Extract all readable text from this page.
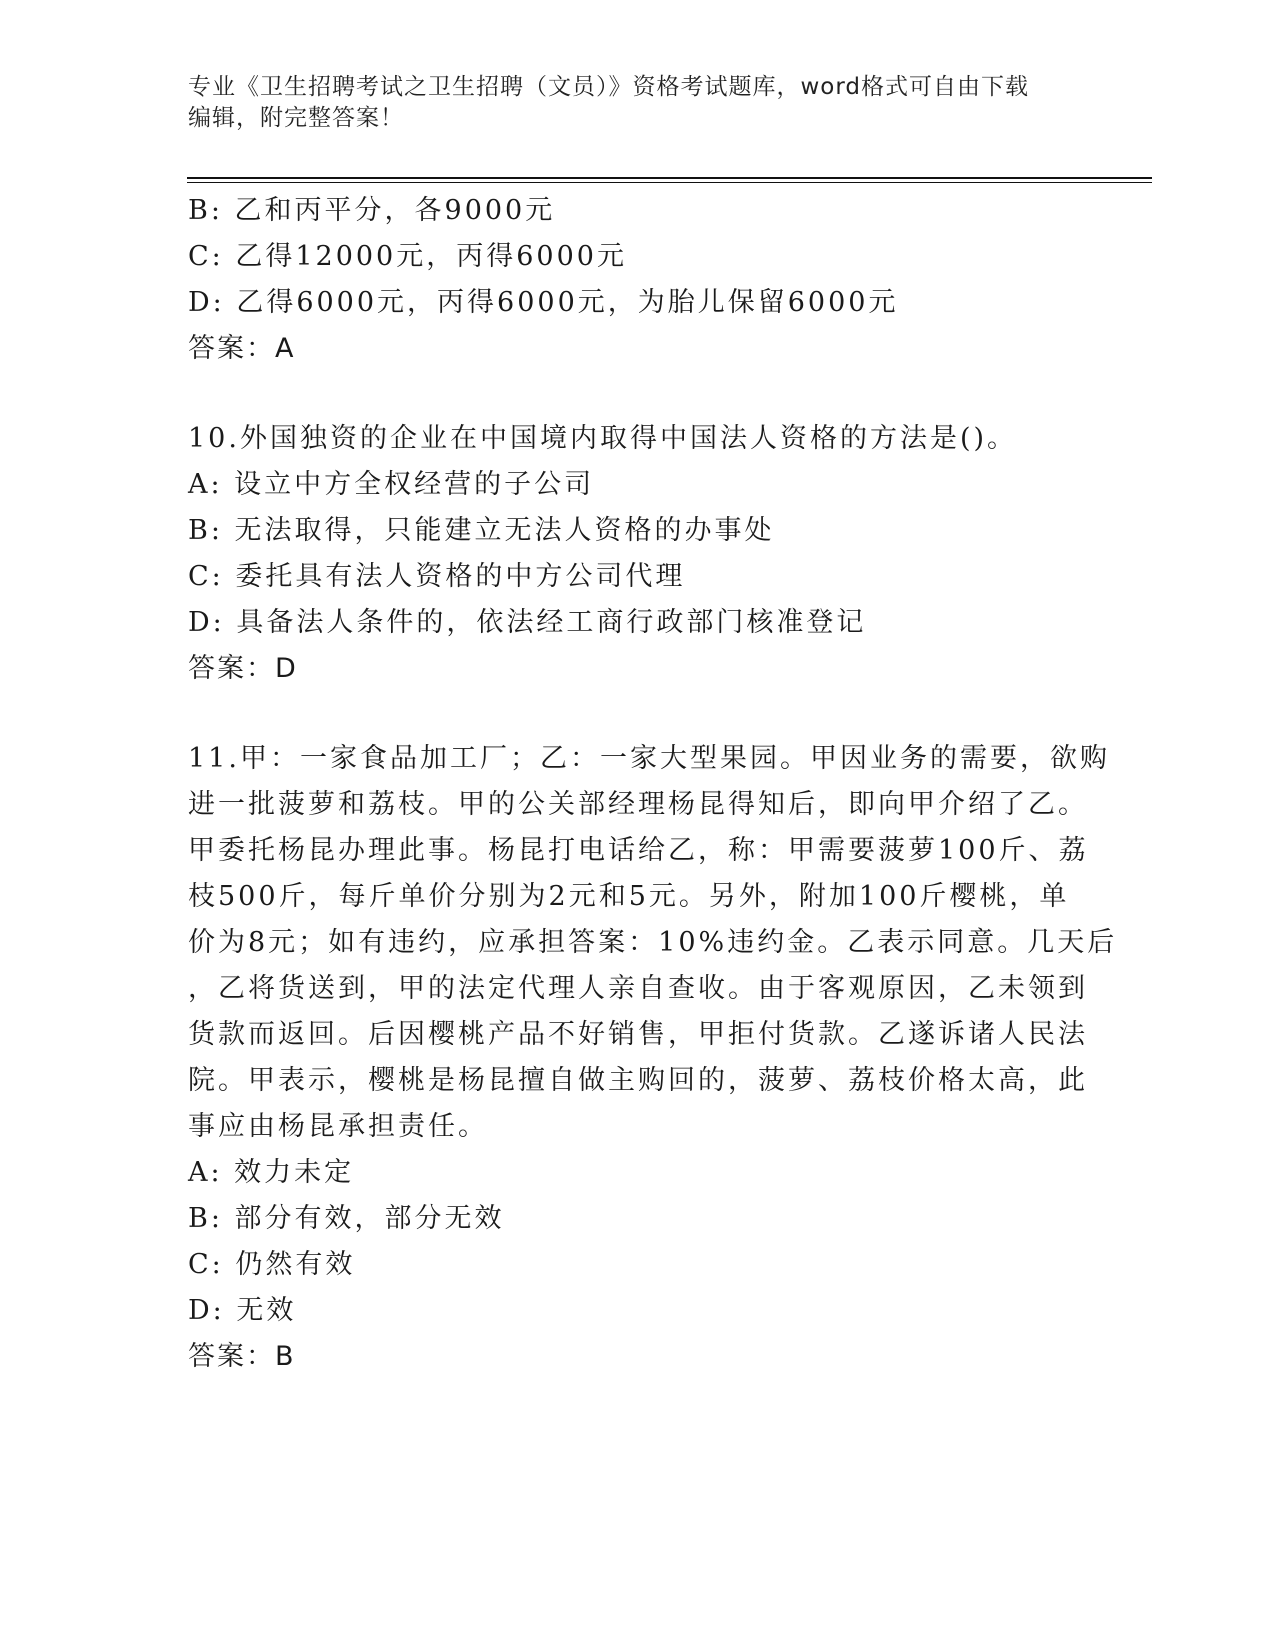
专业《卫生招聘考试之卫生招聘（文员）》资格考试题库，word格式可自由下载
编辑，附完整答案！
B: 乙和丙平分，各9000元
C: 乙得12000元，丙得6000元
D: 乙得6000元，丙得6000元，为胎儿保留6000元
答案：A
10.外国独资的企业在中国境内取得中国法人资格的方法是()。
A: 设立中方全权经营的子公司
B: 无法取得，只能建立无法人资格的办事处
C: 委托具有法人资格的中方公司代理
D: 具备法人条件的，依法经工商行政部门核准登记
答案：D
11.甲：一家食品加工厂；乙：一家大型果园。甲因业务的需要，欲购
进一批菠萝和荔枝。甲的公关部经理杨昆得知后，即向甲介绍了乙。
甲委托杨昆办理此事。杨昆打电话给乙，称：甲需要菠萝100斤、荔
枝500斤，每斤单价分别为2元和5元。另外，附加100斤樱桃，单
价为8元；如有违约，应承担答案：10%违约金。乙表示同意。几天后
，乙将货送到，甲的法定代理人亲自查收。由于客观原因，乙未领到
货款而返回。后因樱桃产品不好销售，甲拒付货款。乙遂诉诸人民法
院。甲表示，樱桃是杨昆擅自做主购回的，菠萝、荔枝价格太高，此
事应由杨昆承担责任。
A: 效力未定
B: 部分有效，部分无效
C: 仍然有效
D: 无效
答案：B
